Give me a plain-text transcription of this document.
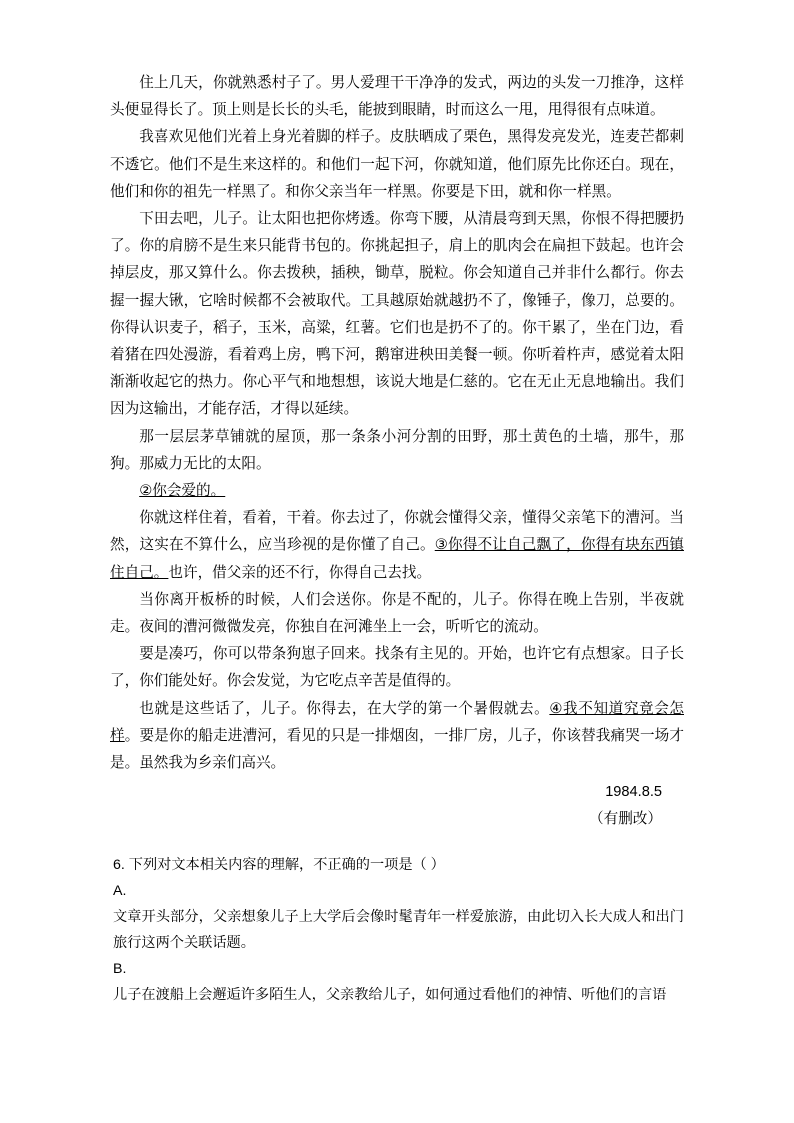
住上几天，你就熟悉村子了。男人爱理干干净净的发式，两边的头发一刀推净，这样头便显得长了。顶上则是长长的头毛，能披到眼睛，时而这么一甩，甩得很有点味道。

我喜欢见他们光着上身光着脚的样子。皮肤晒成了栗色，黑得发亮发光，连麦芒都刺不透它。他们不是生来这样的。和他们一起下河，你就知道，他们原先比你还白。现在，他们和你的祖先一样黑了。和你父亲当年一样黑。你要是下田，就和你一样黑。

下田去吧，儿子。让太阳也把你烤透。你弯下腰，从清晨弯到天黑，你恨不得把腰扔了。你的肩膀不是生来只能背书包的。你挑起担子，肩上的肌肉会在扁担下鼓起。也许会掉层皮，那又算什么。你去拨秧，插秧，锄草，脱粒。你会知道自己并非什么都行。你去握一握大锹，它啥时候都不会被取代。工具越原始就越扔不了，像锤子，像刀，总要的。你得认识麦子，稻子，玉米，高粱，红薯。它们也是扔不了的。你干累了，坐在门边，看着猪在四处漫游，看着鸡上房，鸭下河，鹅窜进秧田美餐一顿。你听着杵声，感觉着太阳渐渐收起它的热力。你心平气和地想想，该说大地是仁慈的。它在无止无息地输出。我们因为这输出，才能存活，才得以延续。

那一层层茅草铺就的屋顶，那一条条小河分割的田野，那土黄色的土墙，那牛，那狗。那威力无比的太阳。

②你会爱的。

你就这样住着，看着，干着。你去过了，你就会懂得父亲，懂得父亲笔下的漕河。当然，这实在不算什么，应当珍视的是你懂了自己。③你得不让自己飘了，你得有块东西镇住自己。也许，借父亲的还不行，你得自己去找。

当你离开板桥的时候，人们会送你。你是不配的，儿子。你得在晚上告别，半夜就走。夜间的漕河微微发亮，你独自在河滩坐上一会，听听它的流动。

要是凑巧，你可以带条狗崽子回来。找条有主见的。开始，也许它有点想家。日子长了，你们能处好。你会发觉，为它吃点辛苦是值得的。

也就是这些话了，儿子。你得去，在大学的第一个暑假就去。④我不知道究竟会怎样。要是你的船走进漕河，看见的只是一排烟囱，一排厂房，儿子，你该替我痛哭一场才是。虽然我为乡亲们高兴。

1984.8.5

（有删改）

6. 下列对文本相关内容的理解，不正确的一项是（ ）

A.

文章开头部分，父亲想象儿子上大学后会像时髦青年一样爱旅游，由此切入长大成人和出门旅行这两个关联话题。

B.

儿子在渡船上会邂逅许多陌生人，父亲教给儿子，如何通过看他们的神情、听他们的言语
